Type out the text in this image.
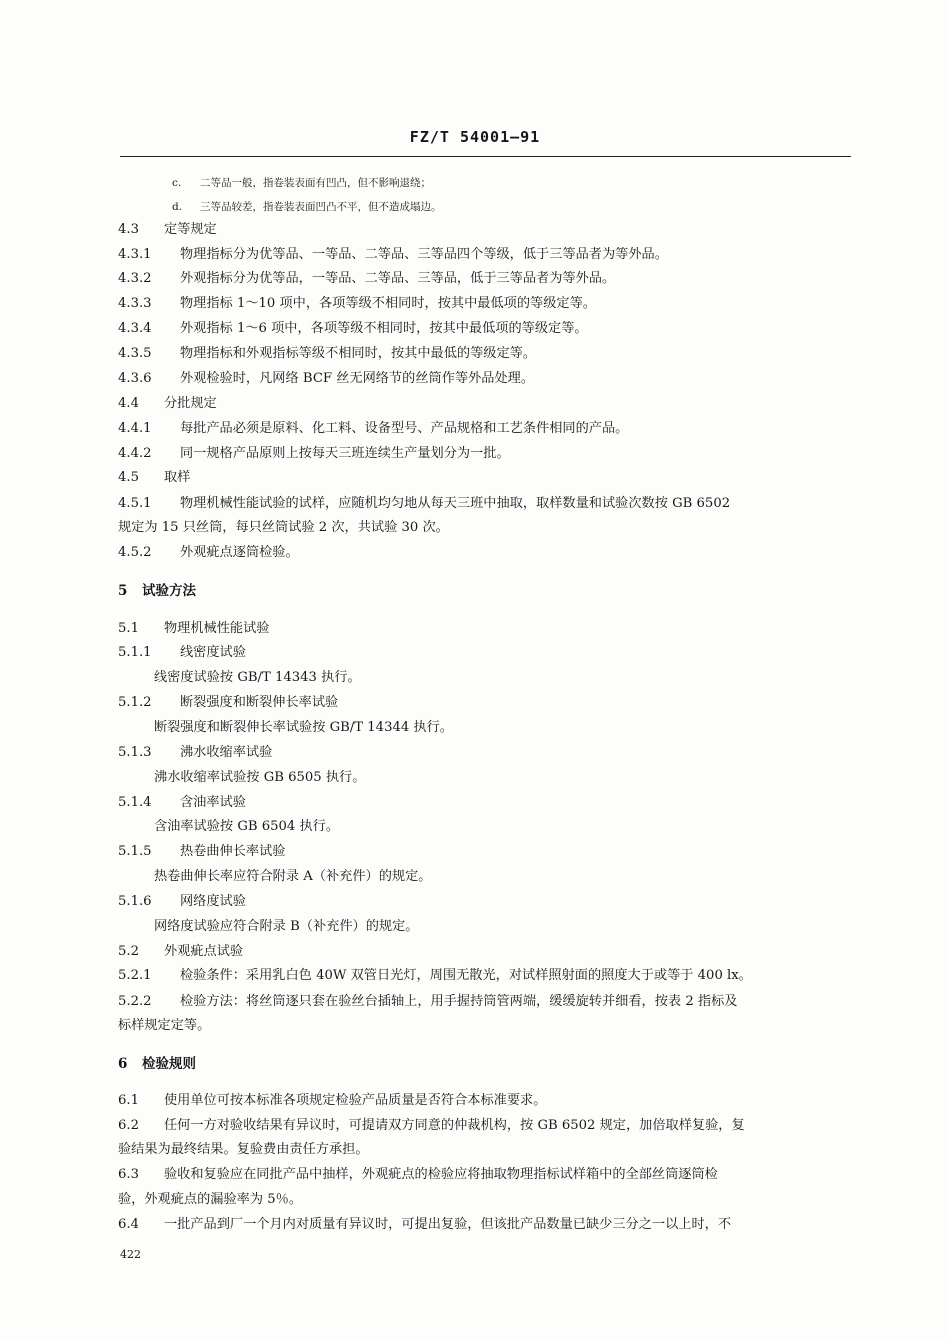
FZ/T 54001—91
c. 二等品一般，指卷装表面有凹凸，但不影响退绕；
d. 三等品较差，指卷装表面凹凸不平，但不造成塌边。
4.3 定等规定
4.3.1 物理指标分为优等品、一等品、二等品、三等品四个等级，低于三等品者为等外品。
4.3.2 外观指标分为优等品，一等品、二等品、三等品，低于三等品者为等外品。
4.3.3 物理指标 1～10 项中，各项等级不相同时，按其中最低项的等级定等。
4.3.4 外观指标 1～6 项中，各项等级不相同时，按其中最低项的等级定等。
4.3.5 物理指标和外观指标等级不相同时，按其中最低的等级定等。
4.3.6 外观检验时，凡网络 BCF 丝无网络节的丝筒作等外品处理。
4.4 分批规定
4.4.1 每批产品必须是原料、化工料、设备型号、产品规格和工艺条件相同的产品。
4.4.2 同一规格产品原则上按每天三班连续生产量划分为一批。
4.5 取样
4.5.1 物理机械性能试验的试样，应随机均匀地从每天三班中抽取，取样数量和试验次数按 GB 6502
规定为 15 只丝筒，每只丝筒试验 2 次，共试验 30 次。
4.5.2 外观疵点逐筒检验。
5 试验方法
5.1 物理机械性能试验
5.1.1 线密度试验
线密度试验按 GB/T 14343 执行。
5.1.2 断裂强度和断裂伸长率试验
断裂强度和断裂伸长率试验按 GB/T 14344 执行。
5.1.3 沸水收缩率试验
沸水收缩率试验按 GB 6505 执行。
5.1.4 含油率试验
含油率试验按 GB 6504 执行。
5.1.5 热卷曲伸长率试验
热卷曲伸长率应符合附录 A（补充件）的规定。
5.1.6 网络度试验
网络度试验应符合附录 B（补充件）的规定。
5.2 外观疵点试验
5.2.1 检验条件：采用乳白色 40W 双管日光灯，周围无散光，对试样照射面的照度大于或等于 400 lx。
5.2.2 检验方法：将丝筒逐只套在验丝台插轴上，用手握持筒管两端，缓缓旋转并细看，按表 2 指标及
标样规定定等。
6 检验规则
6.1 使用单位可按本标准各项规定检验产品质量是否符合本标准要求。
6.2 任何一方对验收结果有异议时，可提请双方同意的仲裁机构，按 GB 6502 规定，加倍取样复验，复
验结果为最终结果。复验费由责任方承担。
6.3 验收和复验应在同批产品中抽样，外观疵点的检验应将抽取物理指标试样箱中的全部丝筒逐筒检
验，外观疵点的漏验率为 5％。
6.4 一批产品到厂一个月内对质量有异议时，可提出复验，但该批产品数量已缺少三分之一以上时，不
422
